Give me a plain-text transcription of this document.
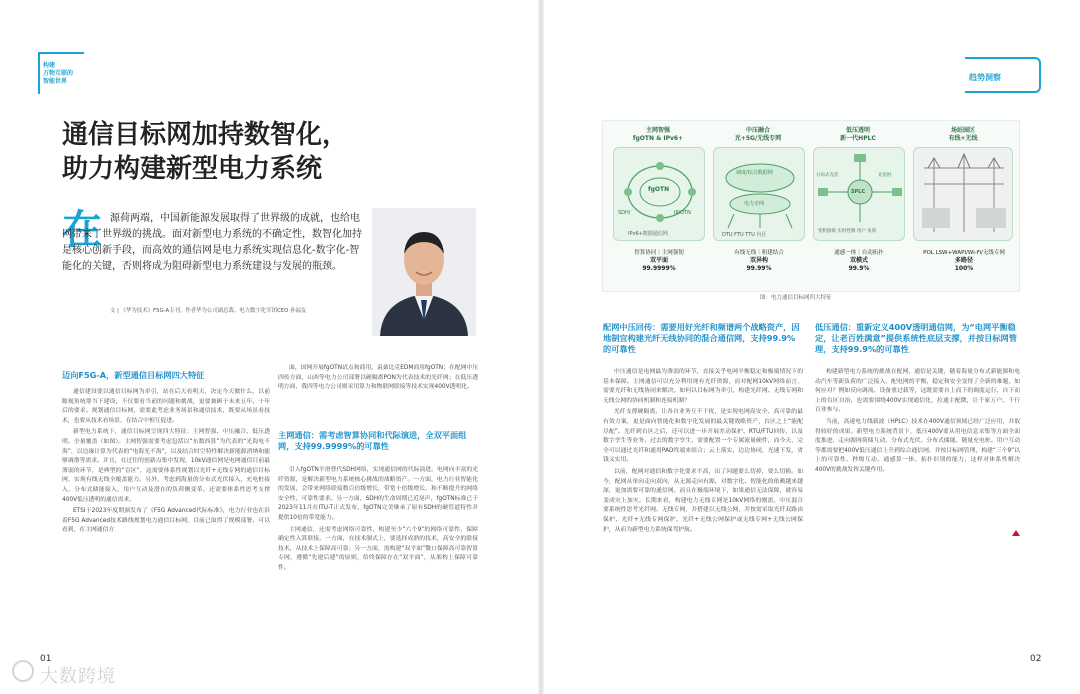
构建
万物互联的
智能世界
通信目标网加持数智化，
助力构建新型电力系统
在 源荷两端，中国新能源发展取得了世界级的成就，也给电网带来了世界级的挑战。面对新型电力系统的不确定性，数智化加持是核心创新手段，而高效的通信网是电力系统实现信息化-数字化-智能化的关键，否则将成为阻碍新型电力系统建设与发展的瓶颈。
文 | 《华为技术》F5G-A专刊，作者华为公司副总裁、电力数字化军团CEO 孙福友
迈向F5G-A，新型通信目标网四大特征

通信建设要以通信目标网为牵引，站在后天看明天，决定今天做什么，以前瞻视角统筹当下建设，不仅要看当前的问题和挑战，更要兼顾于未来五年、十年后的要求。规划通信目标网，需要此考虑业务场景和通信技术，既要从场景看技术，也要从技术看场景，在结合中相互促进。

新型电力系统下，通信目标网呈现四大特征：主网智强、中压融合、低压透明、全量覆盖（如图）。主网智强需要考虑包括以“东数西算”为代表的“光海电不海”，以边缘计算为代表的“电海光不海”，以及结合时空特性解决新能源消纳和能够调谐等需求。并且，在过往的创新点集中发现，10kV通信网是电网通信目前最薄弱的环节，是典型的“盲区”，这需要体系性规划以光纤+无线专网的通信目标网，实现有线无线全覆盖能力。另外，考虑到海量的分布式光伏接入，充电桩接入，分布式储能接入，用户互动及潜在的负荷侧变革，还需要体系性思考支撑400V低压透明的通信需求。

ETSI于2023年度期颁发布了《F5G Advanced代际标准》，电力行业也在沿着F5G Advanced技术路线规划电力通信目标网，目前已取得了规模部署。可以看到，在主网通信方

面，国网开展fgOTN试点和商用，袁桑比克EDM商用fgOTN；在配网中压四传方面，山西等电力公司部署以硬隔离PON为代表技术的光纤网；在低压透明方面，我四等电力公司则采用算力和物联网联接等技术实现400V透明化。

主网通信：需考虑智算协同和代际演进，全双平面组网，支持99.9999%的可靠性

引入fgOTN平滑替代SDH网络，实现通信网的代际演进。电网向丰富的光纤资源，是解决新型电力系统核心挑战的战略资产。一方面，电力行业智能化的发展，会带来网络联接数百倍级增长，带宽十倍级增长，和不断提升的网络安全性、可靠性要求。另一方面，SDH的生命周期已近尾声，fgOTN标准已于2023年11月在ITU-T正式发布，fgOTN完美继承了原有SDH的硬管道特性并提供10倍的带宽能力。

主网通信，还需考虑网络可靠性，构建至少“六个9”的网络可靠性，保障确定性入算联接。一方面，在技术制式上，要选择成熟的技术，高安全的联接技术，从技术上保障高可靠；另一方面，需构建“双平面”微口保障高可靠智算专网，遵循“先建后建”的原则，给终保障存在“双平面”，从架构上保障可靠性。

01
趋势洞察
主网智强
fgOTN & IPv6+
fgOTN
SDH/	IP/OTN
IPv6+数据通信网
智算协同｜主网强韧
双平面
99.9999%
中压融合
光+5G/无线专网
调度/综合数据网
电力专网
DTU FTU TTU 台区
有线无线｜租建结合
双异构
99.99%
低压透明
新一代HPLC
SPLC
分布式光伏	充电桩
变积接联 实时控制 用户 负荷
通感一体｜自动拓扑
双模式
99.9%
场站园区
有线+无线
POL LSW+WAPI/Wi-Fi/无线专网
多路径
100%
图：电力通信目标网四大特征
配网中压回传：需要用好光纤和频谱两个战略资产，因地制宜构建光纤无线协同的混合通信网，支持99.9%的可靠性

中压通信是电网最为薄弱的环节，直接关乎电网平衡稳定和极端情况下的基本保障。主网通信可以充分利用现有光纤资源，而对配网10kV网络而言，需要光纤和无线协同来解决。如何以目标网为牵引，构建光纤网、无线专网和无线公网的协同机制和连接机制？

光纤支撑硬隔离，让各自业务互不干扰，是实现电网高安全、高可靠的最有效方案，更是面向智能化和数字化发展的最关键战略资产，台区之上“能配尽配”。光纤到台区之后，还可以进一步开展差动保护、RTU/FTU回传，以及数字孪生等业务。过去的数字孪生，需要配置一个专属流量硬件，而今天，完全可以通过光纤和通用PAD终端来组合；云上落实，边边协同，光速下发，省钱又实用。

以前，配网对通信和数字化要求不高，出了问题要么切掉，要么切换。如今，配网从单向走向双向，从无源走向有源，对数字化、智能化的依赖越来越深，更加需要可靠的通信网。而且在极端环境下，如果通信无法保障，就容易变成灾上加灾。长期来看，构建电力无线专网是10kV网络的刚需，中压混合要系统性思考光纤网、无线专网，并搭建以无线公网，并按需采取光纤双路由保护、光纤+无线专网保护、光纤+无线公网保护或无线专网+无线公网保护，从而为新型电力系统保驾护航。

低压通信：重新定义400V透明通信网，为“电网平衡稳定，让老百姓满意”提供系统性底层支撑，并按目标网管理，支持99.9%的可靠性

构建新型电力系统的挑战在配网，通信是关键，随着海量分布式新能源和电动汽车等新负荷的广泛接入，配电网的平衡、稳定和安全变得了全新的难题，如何应对？例如反向调流、设备重过载等，这既需要自上而下的调度运行，自下而上的台区自治，也需要围绕400V实现通信化，拉通主配微，让千家万户、千行百业参与。

当前，高速电力线载波（HPLC）技术在400V通信领域已经广泛应用，并取得较好的成果。新型电力系统背景下，低压400V要从用电信息采集等方面全面度推进，走向源网荷储互动，分布式光伏、分布式储能、随量充电桩、用户互动等都需要把400V低压通信上升到综合通信网，并按目标网管理，构建“三个9”以上的可靠性、秒级互动、通感算一体、拓扑识别的能力，这样对体系性解决400V的挑战发挥关键作用。

02
大数跨境
